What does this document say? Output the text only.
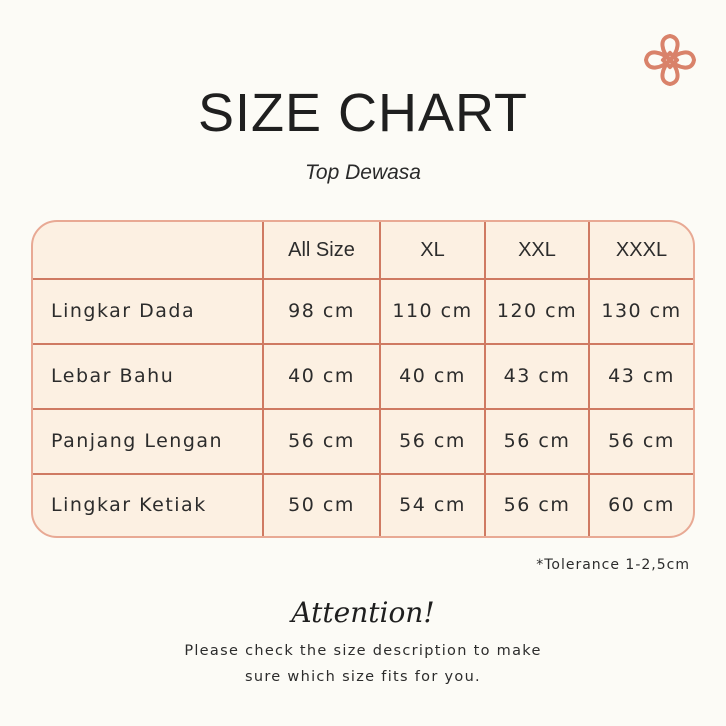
SIZE CHART
Top Dewasa
	All Size	XL	XXL	XXXL
Lingkar Dada	98 cm	110 cm	120 cm	130 cm
Lebar Bahu	40 cm	40 cm	43 cm	43 cm
Panjang Lengan	56 cm	56 cm	56 cm	56 cm
Lingkar Ketiak	50 cm	54 cm	56 cm	60 cm
*Tolerance 1-2,5cm
Attention!
Please check the size description to make
sure which size fits for you.
